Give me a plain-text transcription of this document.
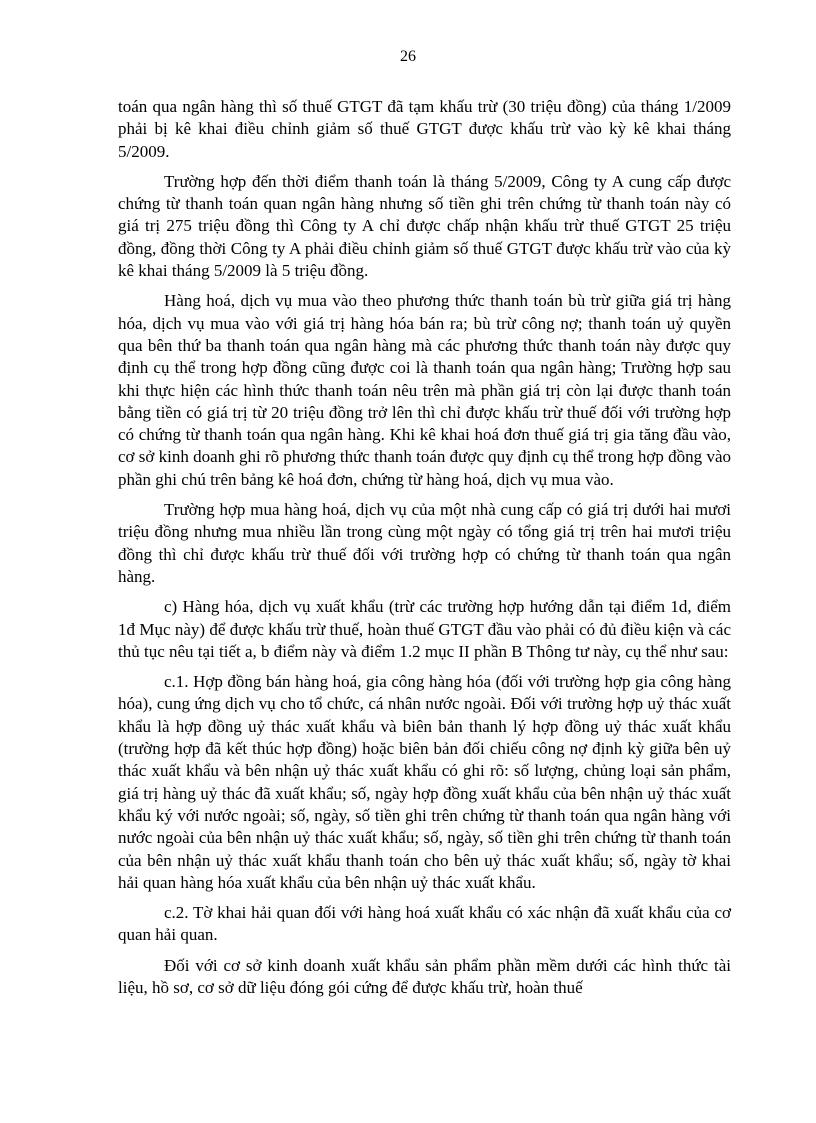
26

toán qua ngân hàng thì số thuế GTGT đã tạm khấu trừ (30 triệu đồng) của tháng 1/2009 phải bị kê khai điều chỉnh giảm số thuế GTGT được khấu trừ vào kỳ kê khai tháng 5/2009.

Trường hợp đến thời điểm thanh toán là tháng 5/2009, Công ty A cung cấp được chứng từ thanh toán quan ngân hàng nhưng số tiền ghi trên chứng từ thanh toán này có giá trị 275 triệu đồng thì Công ty A chỉ được chấp nhận khấu trừ thuế GTGT 25 triệu đồng, đồng thời Công ty A phải điều chỉnh giảm số thuế GTGT được khấu trừ vào của kỳ kê khai tháng 5/2009 là 5 triệu đồng.

Hàng hoá, dịch vụ mua vào theo phương thức thanh toán bù trừ giữa giá trị hàng hóa, dịch vụ mua vào với giá trị hàng hóa bán ra; bù trừ công nợ; thanh toán uỷ quyền qua bên thứ ba thanh toán qua ngân hàng mà các phương thức thanh toán này được quy định cụ thể trong hợp đồng cũng được coi là thanh toán qua ngân hàng; Trường hợp sau khi thực hiện các hình thức thanh toán nêu trên mà phần giá trị còn lại được thanh toán bằng tiền có giá trị từ 20 triệu đồng trở lên thì chỉ được khấu trừ thuế đối với trường hợp có chứng từ thanh toán qua ngân hàng. Khi kê khai hoá đơn thuế giá trị gia tăng đầu vào, cơ sở kinh doanh ghi rõ phương thức thanh toán được quy định cụ thể trong hợp đồng vào phần ghi chú trên bảng kê hoá đơn, chứng từ hàng hoá, dịch vụ mua vào.

Trường hợp mua hàng hoá, dịch vụ của một nhà cung cấp có giá trị dưới hai mươi triệu đồng nhưng mua nhiều lần trong cùng một ngày có tổng giá trị trên hai mươi triệu đồng thì chỉ được khấu trừ thuế đối với trường hợp có chứng từ thanh toán qua ngân hàng.

c) Hàng hóa, dịch vụ xuất khẩu (trừ các trường hợp hướng dẫn tại điểm 1d, điểm 1đ Mục này) để được khấu trừ thuế, hoàn thuế GTGT đầu vào phải có đủ điều kiện và các thủ tục nêu tại tiết a, b điểm này và điểm 1.2 mục II phần B Thông tư này, cụ thể như sau:

c.1. Hợp đồng bán hàng hoá, gia công hàng hóa (đối với trường hợp gia công hàng hóa), cung ứng dịch vụ cho tổ chức, cá nhân nước ngoài. Đối với trường hợp uỷ thác xuất khẩu là hợp đồng uỷ thác xuất khẩu và biên bản thanh lý hợp đồng uỷ thác xuất khẩu (trường hợp đã kết thúc hợp đồng) hoặc biên bản đối chiếu công nợ định kỳ giữa bên uỷ thác xuất khẩu và bên nhận uỷ thác xuất khẩu có ghi rõ: số lượng, chủng loại sản phẩm, giá trị hàng uỷ thác đã xuất khẩu; số, ngày hợp đồng xuất khẩu của bên nhận uỷ thác xuất khẩu ký với nước ngoài; số, ngày, số tiền ghi trên chứng từ thanh toán qua ngân hàng với nước ngoài của bên nhận uỷ thác xuất khẩu; số, ngày, số tiền ghi trên chứng từ thanh toán của bên nhận uỷ thác xuất khẩu thanh toán cho bên uỷ thác xuất khẩu; số, ngày tờ khai hải quan hàng hóa xuất khẩu của bên nhận uỷ thác xuất khẩu.

c.2. Tờ khai hải quan đối với hàng hoá xuất khẩu có xác nhận đã xuất khẩu của cơ quan hải quan.

Đối với cơ sở kinh doanh xuất khẩu sản phẩm phần mềm dưới các hình thức tài liệu, hồ sơ, cơ sở dữ liệu đóng gói cứng để được khấu trừ, hoàn thuế
